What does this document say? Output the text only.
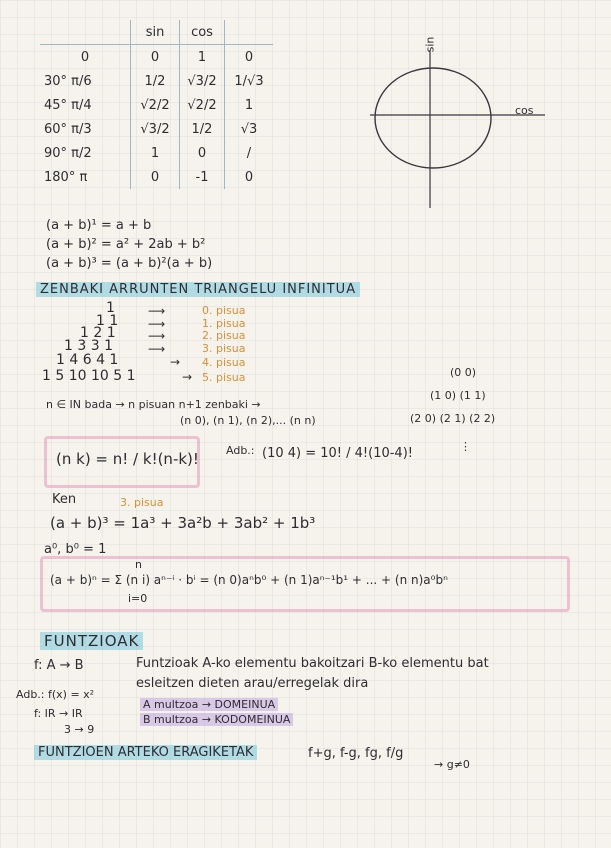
	sin	cos	
0	0	1	0
30° π/6	1/2	√3/2	1/√3
45° π/4	√2/2	√2/2	1
60° π/3	√3/2	1/2	√3
90° π/2	1	0	/
180° π	0	-1	0
sin
cos
(a + b)¹ = a + b
(a + b)² = a² + 2ab + b²
(a + b)³ = (a + b)²(a + b)
ZENBAKI ARRUNTEN TRIANGELU INFINITUA
1
1 1
1 2 1
1 3 3 1
1 4 6 4 1
1 5 10 10 5 1
⟶
⟶
⟶
⟶
→
→
0. pisua
1. pisua
2. pisua
3. pisua
4. pisua
5. pisua
n ∈ IN bada → n pisuan n+1 zenbaki →
(n 0), (n 1), (n 2),... (n n)
(0 0)
(1 0) (1 1)
(2 0) (2 1) (2 2)
⋮
(n k) = n! / k!(n-k)! Adb.: (10 4) = 10! / 4!(10-4)!
Ken	3. pisua
(a + b)³ = 1a³ + 3a²b + 3ab² + 1b³
a⁰, b⁰ = 1
n
(a + b)ⁿ = Σ (n i) aⁿ⁻ⁱ · bⁱ = (n 0)aⁿb⁰ + (n 1)aⁿ⁻¹b¹ + ... + (n n)a⁰bⁿ
i=0
FUNTZIOAK
f: A → B	Funtzioak A-ko elementu bakoitzari B-ko elementu bat
esleitzen dieten arau/erregelak dira
Adb.: f(x) = x²
f: IR → IR
3 → 9
A multzoa → DOMEINUA
B multzoa → KODOMEINUA
FUNTZIOEN ARTEKO ERAGIKETAK	f+g, f-g, fg, f/g
→ g≠0
